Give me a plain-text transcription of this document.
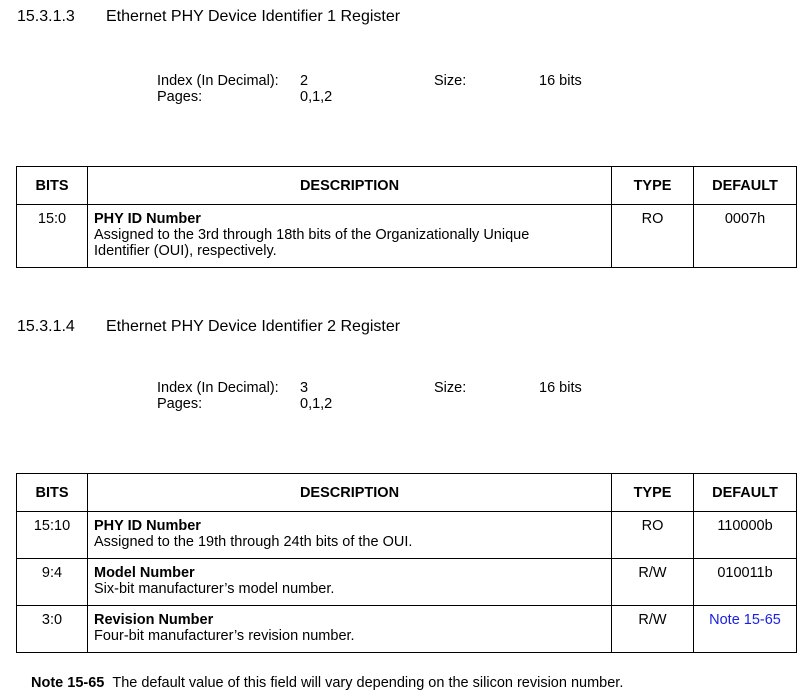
15.3.1.3 Ethernet PHY Device Identifier 1 Register
Index (In Decimal): 2	Size:	16 bits
Pages:	0,1,2
BITS	DESCRIPTION	TYPE	DEFAULT
15:0	PHY ID Number
Assigned to the 3rd through 18th bits of the Organizationally Unique
Identifier (OUI), respectively.	RO	0007h
15.3.1.4 Ethernet PHY Device Identifier 2 Register
Index (In Decimal): 3	Size:	16 bits
Pages:	0,1,2
BITS	DESCRIPTION	TYPE	DEFAULT
15:10	PHY ID Number
Assigned to the 19th through 24th bits of the OUI.	RO	110000b
9:4	Model Number
Six-bit manufacturer’s model number.	R/W	010011b
3:0	Revision Number
Four-bit manufacturer’s revision number.	R/W	Note 15-65
Note 15-65 The default value of this field will vary depending on the silicon revision number.
